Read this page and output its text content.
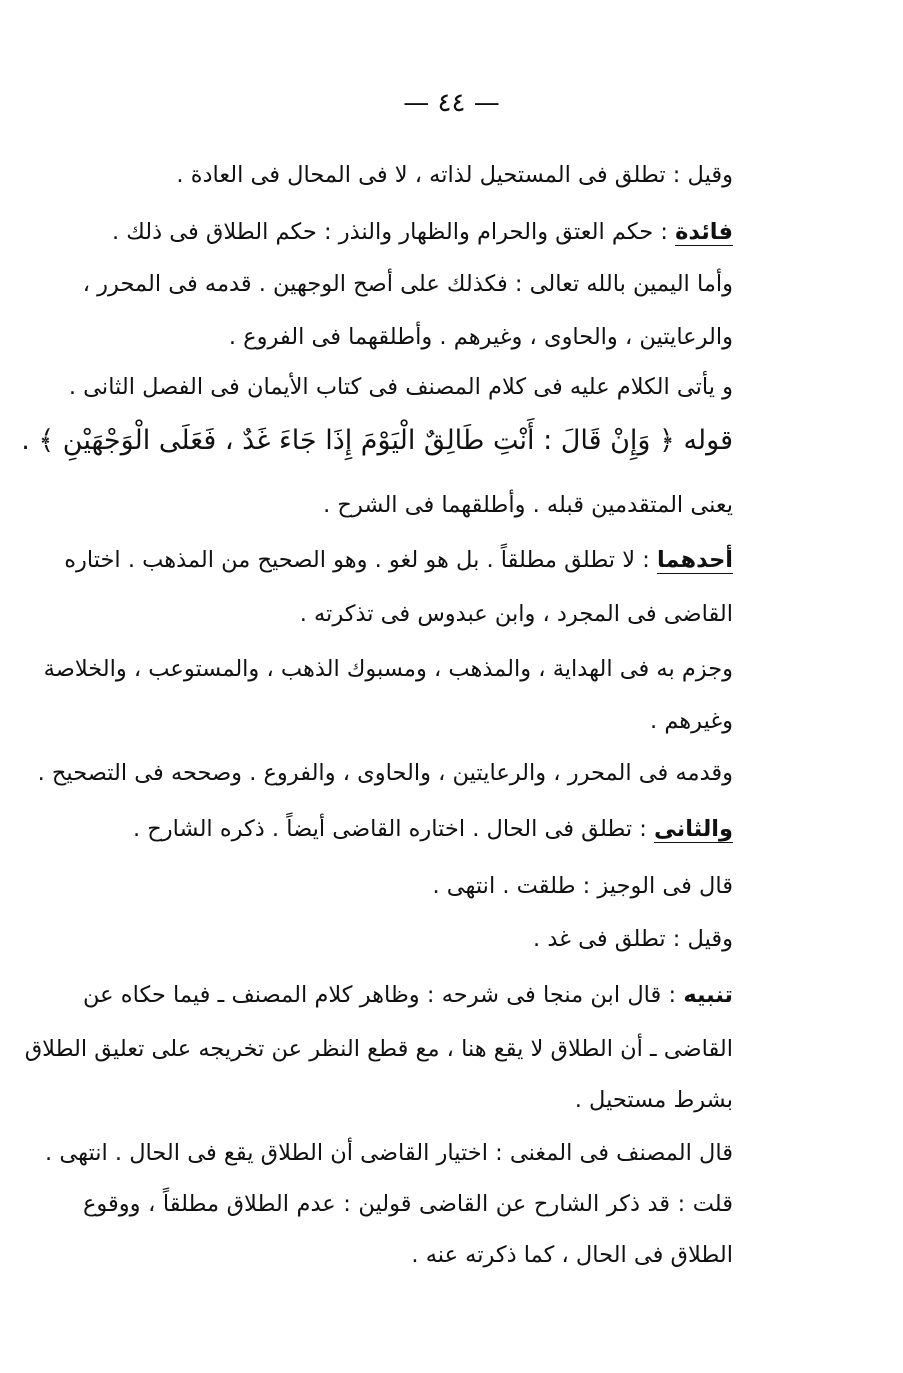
— ٤٤ —
وقيل : تطلق فى المستحيل لذاته ، لا فى المحال فى العادة .
فائدة : حكم العتق والحرام والظهار والنذر : حكم الطلاق فى ذلك .
وأما اليمين بالله تعالى : فكذلك على أصح الوجهين . قدمه فى المحرر ،
والرعايتين ، والحاوى ، وغيرهم . وأطلقهما فى الفروع .
و يأتى الكلام عليه فى كلام المصنف فى كتاب الأيمان فى الفصل الثانى .
قوله ﴿ وَإِنْ قَالَ : أَنْتِ طَالِقٌ الْيَوْمَ إِذَا جَاءَ غَدٌ ، فَعَلَى الْوَجْهَيْنِ ﴾ .
يعنى المتقدمين قبله . وأطلقهما فى الشرح .
أحدهما : لا تطلق مطلقاً . بل هو لغو . وهو الصحيح من المذهب . اختاره
القاضى فى المجرد ، وابن عبدوس فى تذكرته .
وجزم به فى الهداية ، والمذهب ، ومسبوك الذهب ، والمستوعب ، والخلاصة
وغيرهم .
وقدمه فى المحرر ، والرعايتين ، والحاوى ، والفروع . وصححه فى التصحيح .
والثانى : تطلق فى الحال . اختاره القاضى أيضاً . ذكره الشارح .
قال فى الوجيز : طلقت . انتهى .
وقيل : تطلق فى غد .
تنبيه : قال ابن منجا فى شرحه : وظاهر كلام المصنف ـ فيما حكاه عن
القاضى ـ أن الطلاق لا يقع هنا ، مع قطع النظر عن تخريجه على تعليق الطلاق
بشرط مستحيل .
قال المصنف فى المغنى : اختيار القاضى أن الطلاق يقع فى الحال . انتهى .
قلت : قد ذكر الشارح عن القاضى قولين : عدم الطلاق مطلقاً ، ووقوع
الطلاق فى الحال ، كما ذكرته عنه .
